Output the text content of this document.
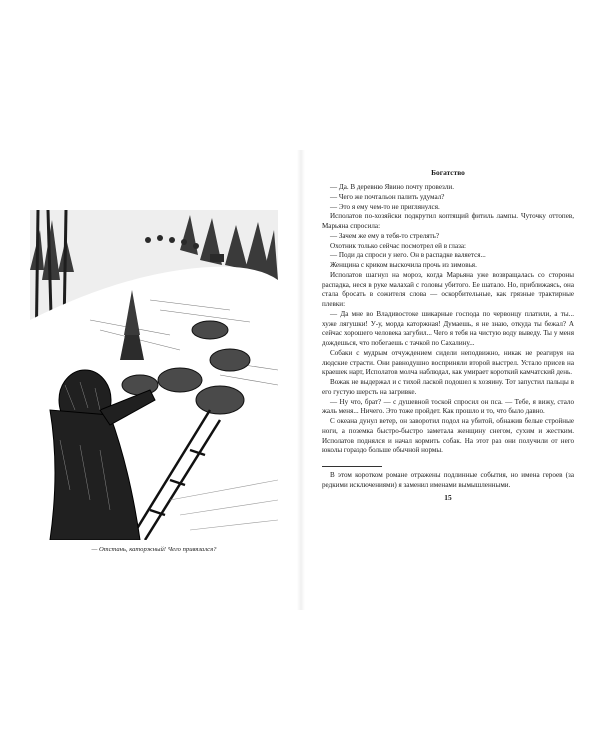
— Отстань, каторжный! Чего привязался?
Богатство

— Да. В деревню Явино почту провезли.

— Чего же почтальон палить удумал?

— Это я ему чем-то не приглянулся.

Исполатов по-хозяйски подкрутил коптящий фитиль лампы. Чуточку оттопев, Марьяна спросила:

— Зачем же ему в тебя-то стрелять?

Охотник только сейчас посмотрел ей в глаза:

— Поди да спроси у него. Он в распадке валяется...

Женщина с криком выскочила прочь из зимовья.

Исполатов шагнул на мороз, когда Марьяна уже возвращалась со стороны распадка, неся в руке малахай с головы убитого. Ее шатало. Но, приближаясь, она стала бросать в сожителя слова — оскорбительные, как грязные трактирные плевки:

— Да мне во Владивостоке шикарные господа по червонцу платили, а ты... хуже лягушки! У-у, морда каторжная! Думаешь, я не знаю, откуда ты бежал? А сейчас хорошего человека загубил... Чего я тебя на чистую воду выведу. Ты у меня дождешься, что побегаешь с тачкой по Сахалину...

Собаки с мудрым отчуждением сидели неподвижно, никак не реагируя на людские страсти. Они равнодушно восприняли второй выстрел. Устало присев на краешек нарт, Исполатов молча наблюдал, как умирает короткий камчатский день.

Вожак не выдержал и с тихой лаской подошел к хозяину. Тот запустил пальцы в его густую шерсть на загривке.

— Ну что, брат? — с душевной тоской спросил он пса. — Тебе, я вижу, стало жаль меня... Ничего. Это тоже пройдет. Как прошло и то, что было давно.

С океана дунул ветер, он заворотил подол на убитой, обнажив белые стройные ноги, а поземка быстро-быстро заметала женщину снегом, сухим и жестким. Исполатов поднялся и начал кормить собак. На этот раз они получили от него юколы гораздо больше обычной нормы.

В этом коротком романе отражены подлинные события, но имена героев (за редкими исключениями) я заменил именами вымышленными.

15
